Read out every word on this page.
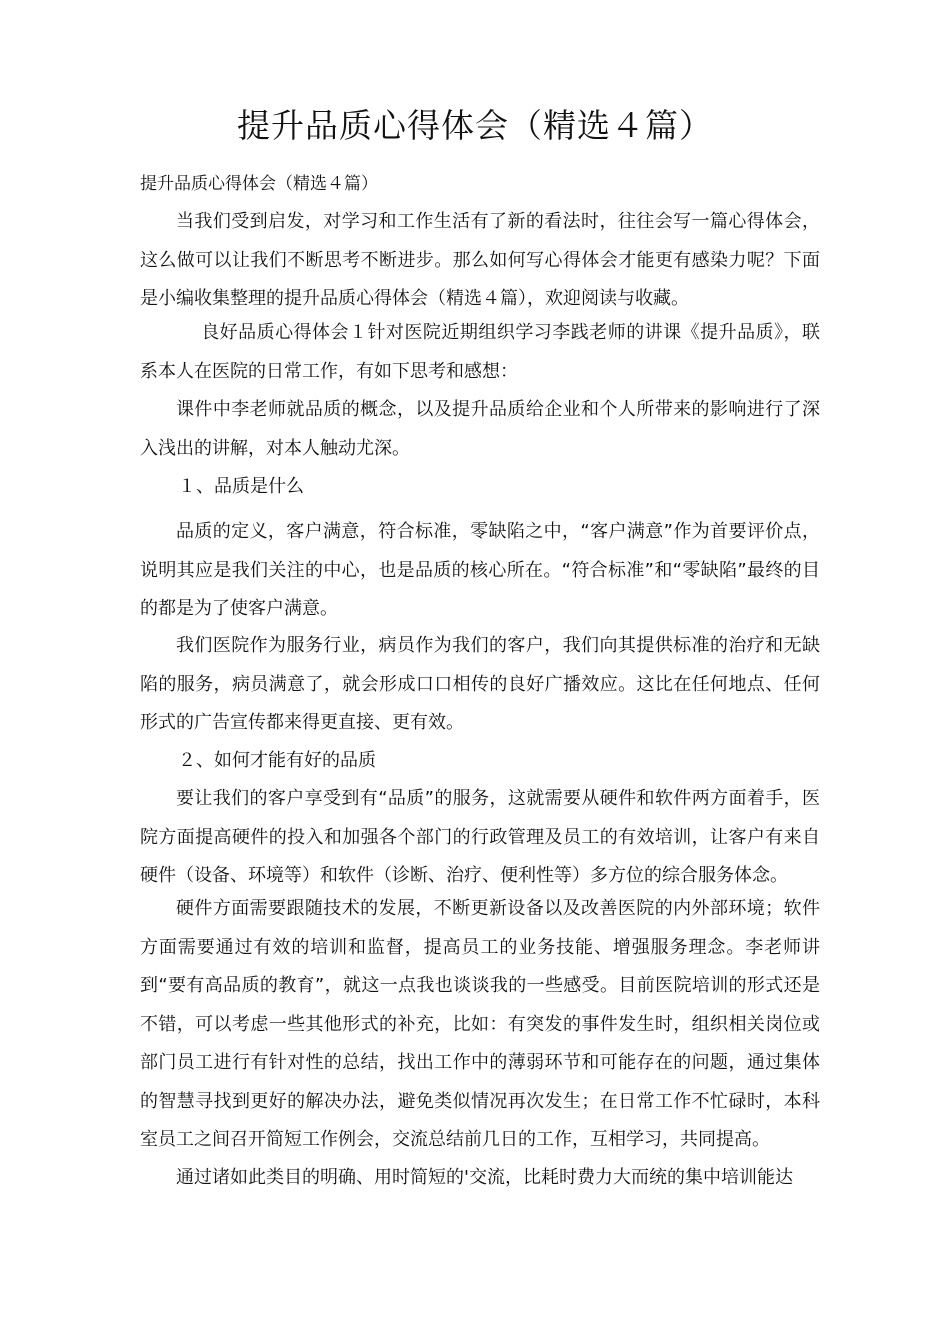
提升品质心得体会（精选４篇）
提升品质心得体会（精选４篇）
当我们受到启发，对学习和工作生活有了新的看法时，往往会写一篇心得体会，这么做可以让我们不断思考不断进步。那么如何写心得体会才能更有感染力呢？下面是小编收集整理的提升品质心得体会（精选４篇），欢迎阅读与收藏。
良好品质心得体会１针对医院近期组织学习李践老师的讲课《提升品质》，联系本人在医院的日常工作，有如下思考和感想：
课件中李老师就品质的概念，以及提升品质给企业和个人所带来的影响进行了深入浅出的讲解，对本人触动尤深。
１、品质是什么
品质的定义，客户满意，符合标准，零缺陷之中，“客户满意”作为首要评价点，说明其应是我们关注的中心，也是品质的核心所在。“符合标准”和“零缺陷”最终的目的都是为了使客户满意。
我们医院作为服务行业，病员作为我们的客户，我们向其提供标准的治疗和无缺陷的服务，病员满意了，就会形成口口相传的良好广播效应。这比在任何地点、任何形式的广告宣传都来得更直接、更有效。
２、如何才能有好的品质
要让我们的客户享受到有“品质”的服务，这就需要从硬件和软件两方面着手，医院方面提高硬件的投入和加强各个部门的行政管理及员工的有效培训，让客户有来自硬件（设备、环境等）和软件（诊断、治疗、便利性等）多方位的综合服务体念。
硬件方面需要跟随技术的发展，不断更新设备以及改善医院的内外部环境；软件方面需要通过有效的培训和监督，提高员工的业务技能、增强服务理念。李老师讲到“要有高品质的教育”，就这一点我也谈谈我的一些感受。目前医院培训的形式还是不错，可以考虑一些其他形式的补充，比如：有突发的事件发生时，组织相关岗位或部门员工进行有针对性的总结，找出工作中的薄弱环节和可能存在的问题，通过集体的智慧寻找到更好的解决办法，避免类似情况再次发生；在日常工作不忙碌时，本科室员工之间召开简短工作例会，交流总结前几日的工作，互相学习，共同提高。
通过诸如此类目的明确、用时简短的'交流，比耗时费力大而统的集中培训能达
